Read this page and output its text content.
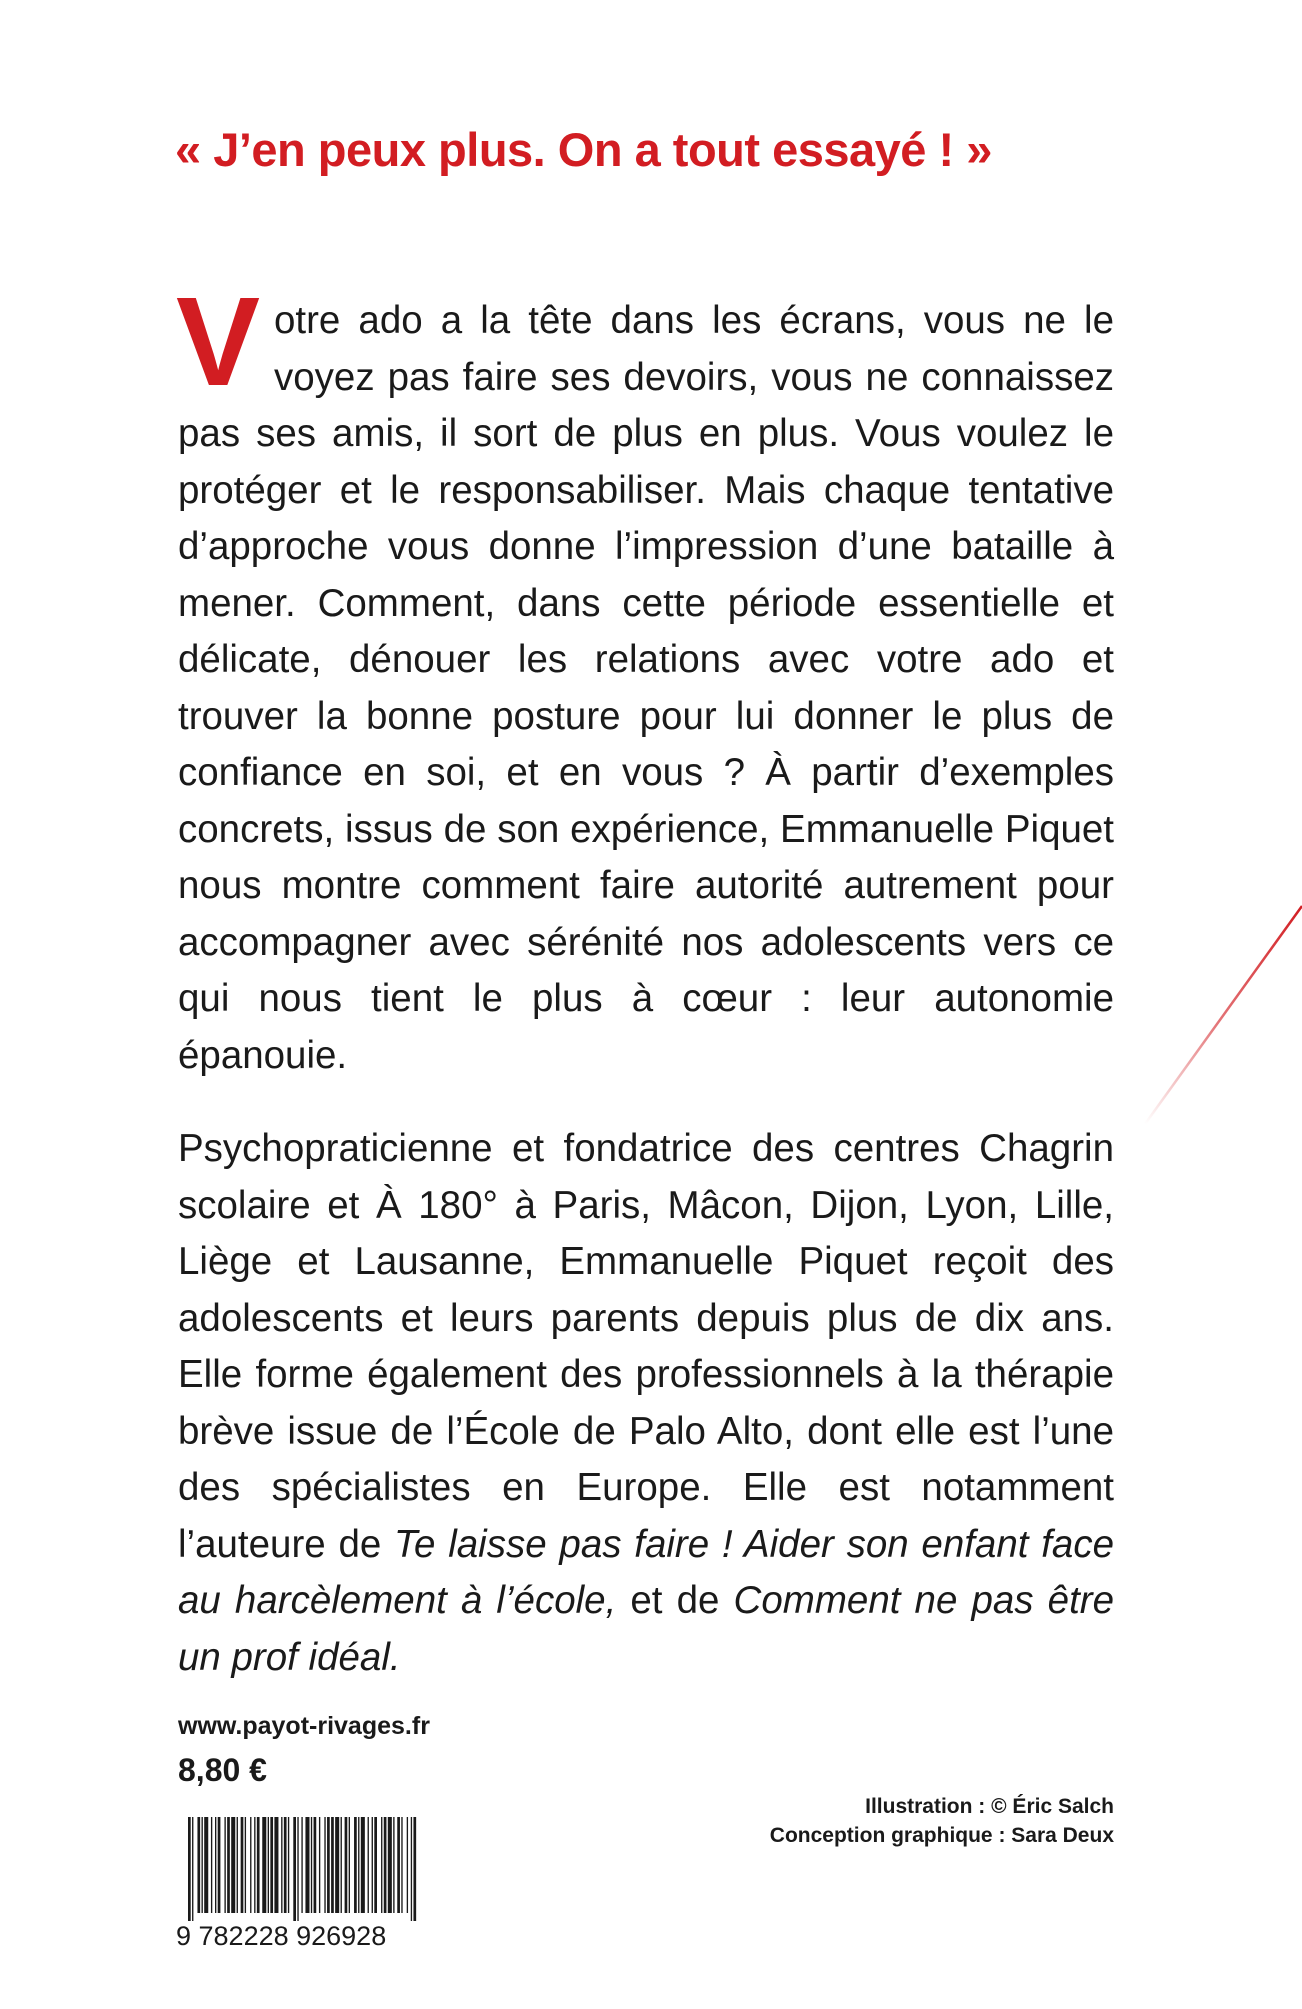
« J’en peux plus. On a tout essayé ! »

V otre ado a la tête dans les écrans, vous ne le voyez pas faire ses devoirs, vous ne connaissez pas ses amis, il sort de plus en plus. Vous voulez le protéger et le responsabiliser. Mais chaque tentative d’approche vous donne l’impression d’une bataille à mener. Comment, dans cette période essentielle et délicate, dénouer les relations avec votre ado et trouver la bonne posture pour lui donner le plus de confiance en soi, et en vous ? À partir d’exemples concrets, issus de son expérience, Emmanuelle Piquet nous montre comment faire autorité autrement pour accompagner avec sérénité nos adolescents vers ce qui nous tient le plus à cœur : leur autonomie épanouie.

Psychopraticienne et fondatrice des centres Chagrin scolaire et À 180° à Paris, Mâcon, Dijon, Lyon, Lille, Liège et Lausanne, Emmanuelle Piquet reçoit des adolescents et leurs parents depuis plus de dix ans. Elle forme également des professionnels à la thérapie brève issue de l’École de Palo Alto, dont elle est l’une des spécialistes en Europe. Elle est notamment l’auteure de Te laisse pas faire ! Aider son enfant face au harcèlement à l’école, et de Comment ne pas être un prof idéal.

www.payot-rivages.fr
8,80 €
9 782228 926928
Illustration : © Éric Salch
Conception graphique : Sara Deux
